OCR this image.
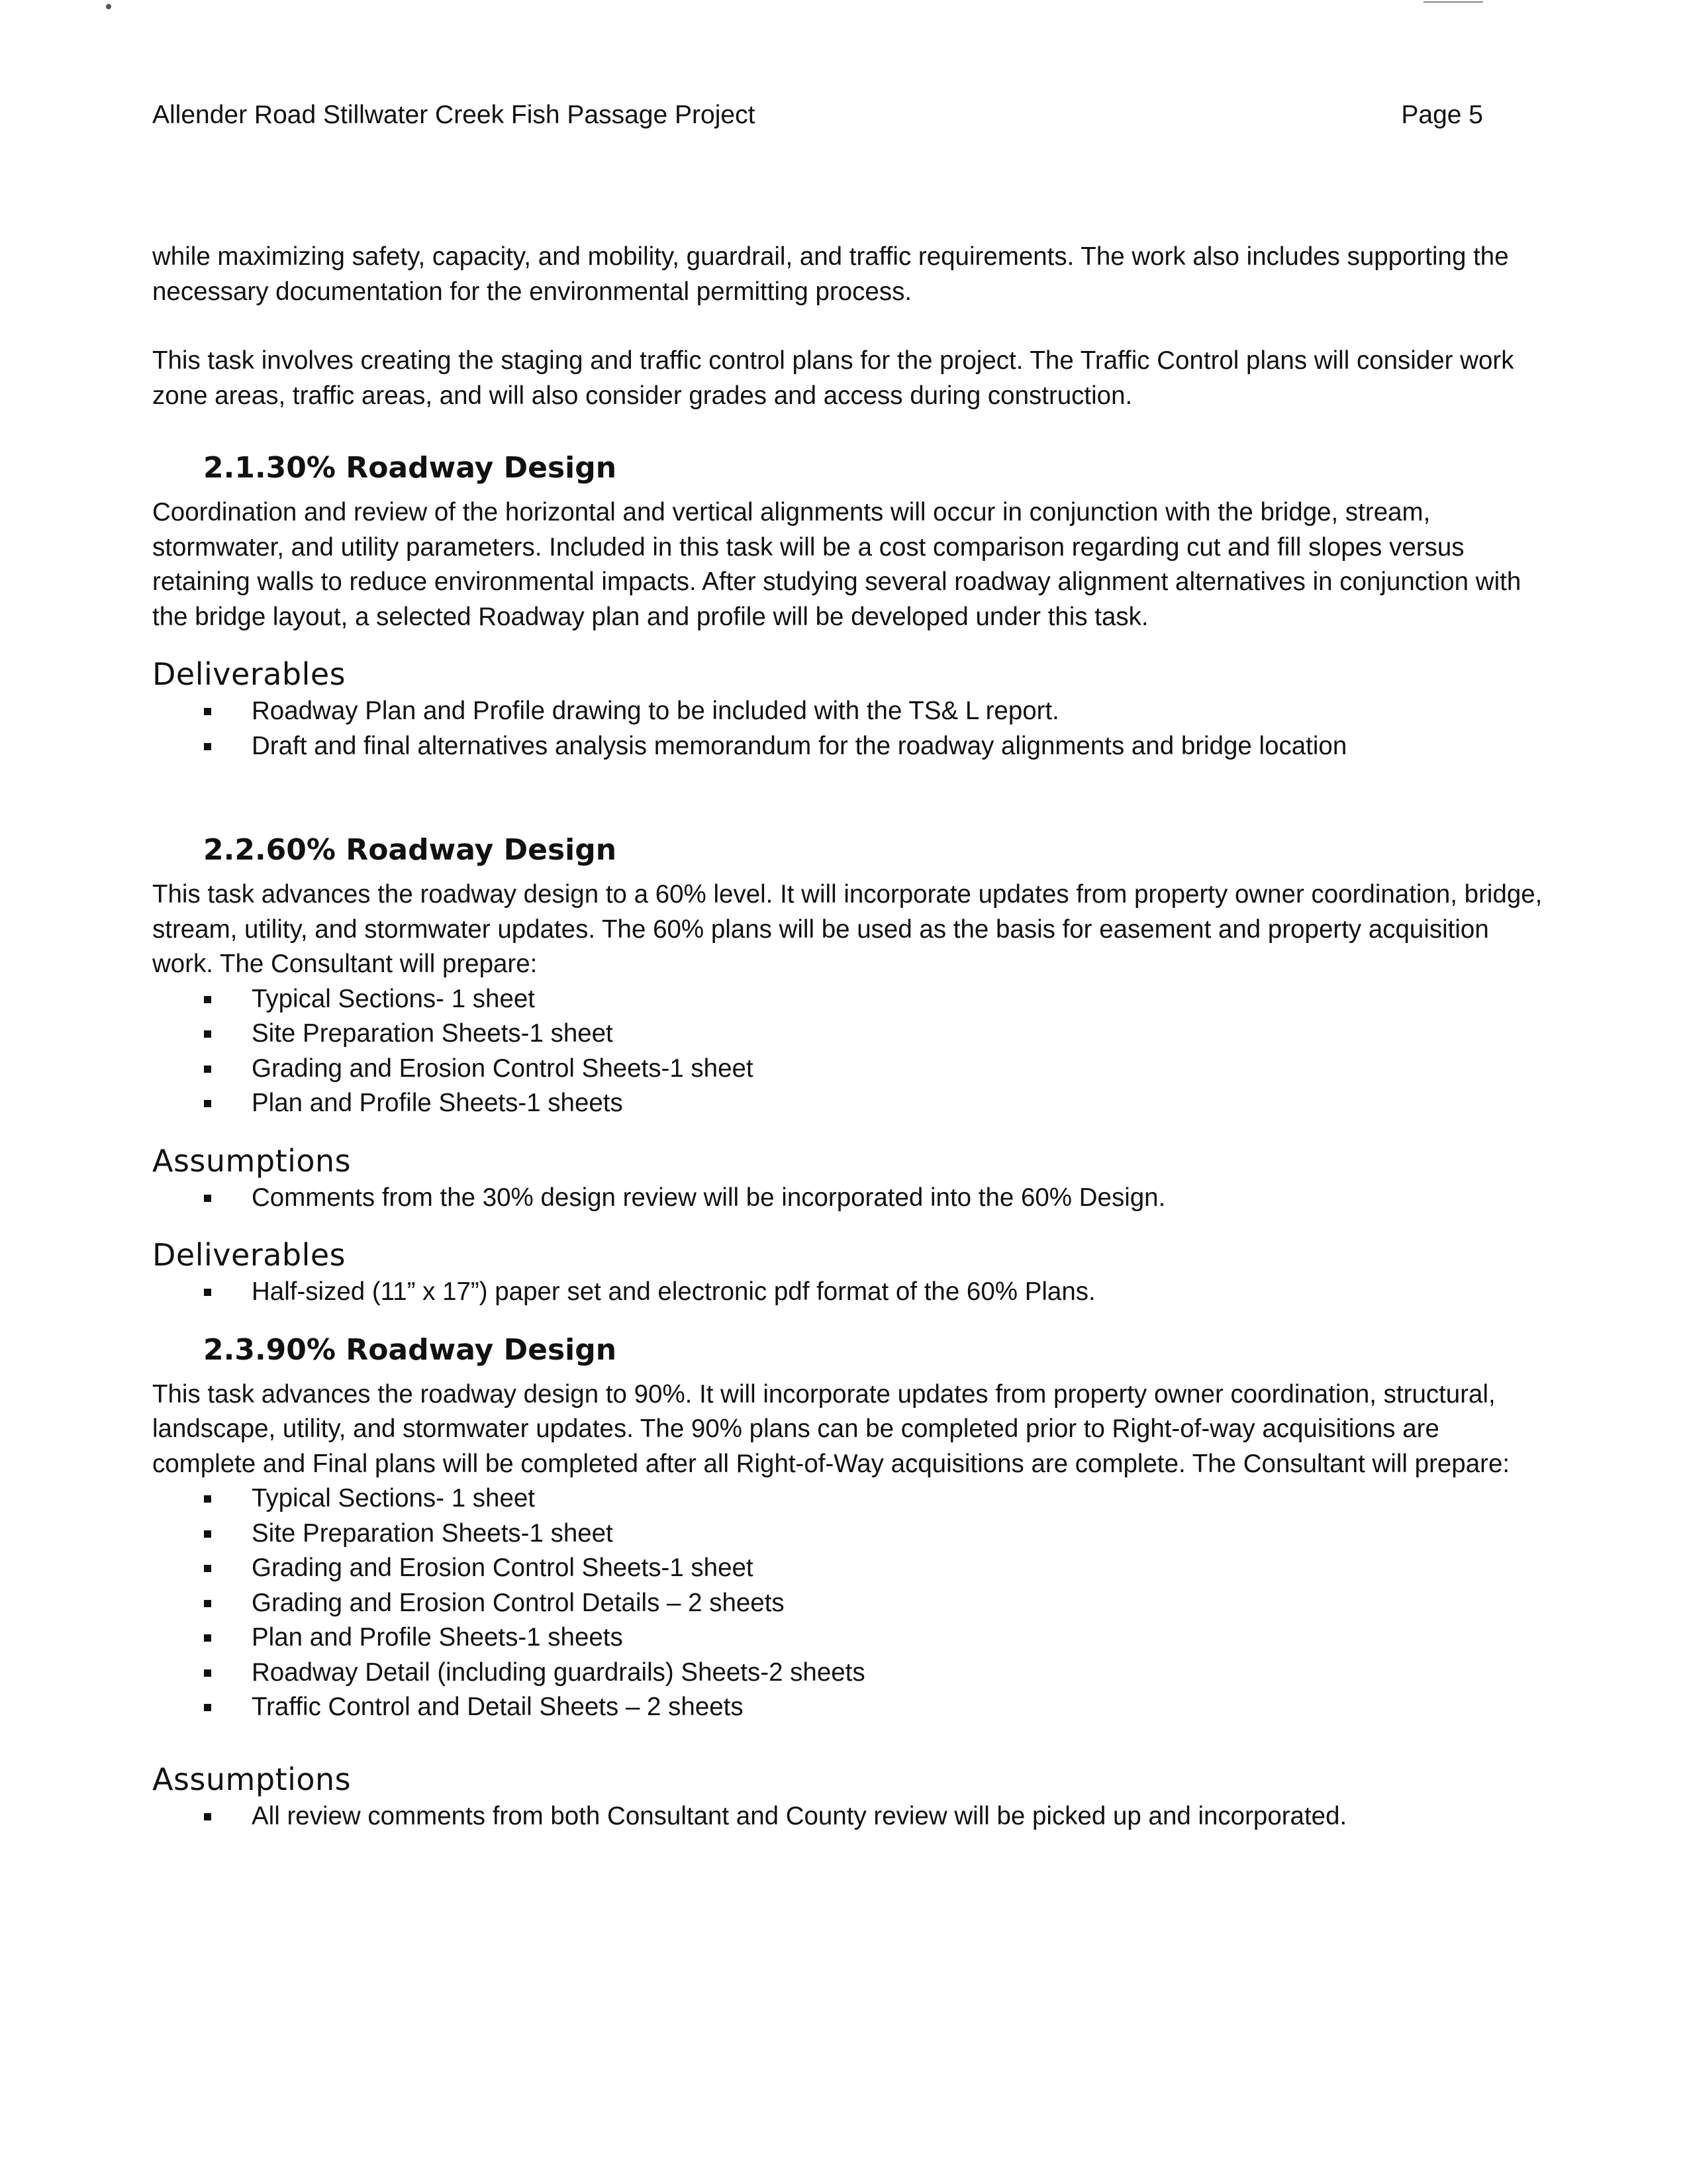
Allender Road Stillwater Creek Fish Passage Project	Page 5

while maximizing safety, capacity, and mobility, guardrail, and traffic requirements. The work also includes supporting the necessary documentation for the environmental permitting process.

This task involves creating the staging and traffic control plans for the project. The Traffic Control plans will consider work zone areas, traffic areas, and will also consider grades and access during construction.

2.1.30% Roadway Design

Coordination and review of the horizontal and vertical alignments will occur in conjunction with the bridge, stream, stormwater, and utility parameters. Included in this task will be a cost comparison regarding cut and fill slopes versus retaining walls to reduce environmental impacts. After studying several roadway alignment alternatives in conjunction with the bridge layout, a selected Roadway plan and profile will be developed under this task.

Deliverables
Roadway Plan and Profile drawing to be included with the TS& L report.
Draft and final alternatives analysis memorandum for the roadway alignments and bridge location
2.2.60% Roadway Design

This task advances the roadway design to a 60% level. It will incorporate updates from property owner coordination, bridge, stream, utility, and stormwater updates. The 60% plans will be used as the basis for easement and property acquisition work. The Consultant will prepare:

Typical Sections- 1 sheet
Site Preparation Sheets-1 sheet
Grading and Erosion Control Sheets-1 sheet
Plan and Profile Sheets-1 sheets
Assumptions
Comments from the 30% design review will be incorporated into the 60% Design.
Deliverables
Half-sized (11” x 17”) paper set and electronic pdf format of the 60% Plans.
2.3.90% Roadway Design

This task advances the roadway design to 90%. It will incorporate updates from property owner coordination, structural, landscape, utility, and stormwater updates. The 90% plans can be completed prior to Right-of-way acquisitions are complete and Final plans will be completed after all Right-of-Way acquisitions are complete. The Consultant will prepare:

Typical Sections- 1 sheet
Site Preparation Sheets-1 sheet
Grading and Erosion Control Sheets-1 sheet
Grading and Erosion Control Details – 2 sheets
Plan and Profile Sheets-1 sheets
Roadway Detail (including guardrails) Sheets-2 sheets
Traffic Control and Detail Sheets – 2 sheets
Assumptions
All review comments from both Consultant and County review will be picked up and incorporated.
